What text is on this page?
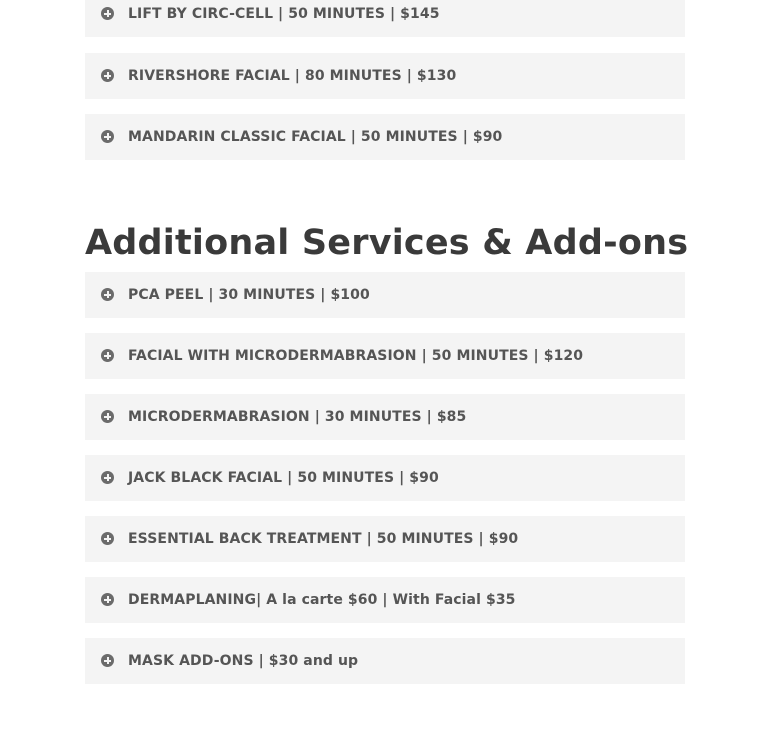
LIFT BY CIRC-CELL | 50 MINUTES | $145
RIVERSHORE FACIAL | 80 MINUTES | $130
MANDARIN CLASSIC FACIAL | 50 MINUTES | $90
Additional Services & Add-ons
PCA PEEL | 30 MINUTES | $100
FACIAL WITH MICRODERMABRASION | 50 MINUTES | $120
MICRODERMABRASION | 30 MINUTES | $85
JACK BLACK FACIAL | 50 MINUTES | $90
ESSENTIAL BACK TREATMENT | 50 MINUTES | $90
DERMAPLANING| A la carte $60 | With Facial $35
MASK ADD-ONS | $30 and up
